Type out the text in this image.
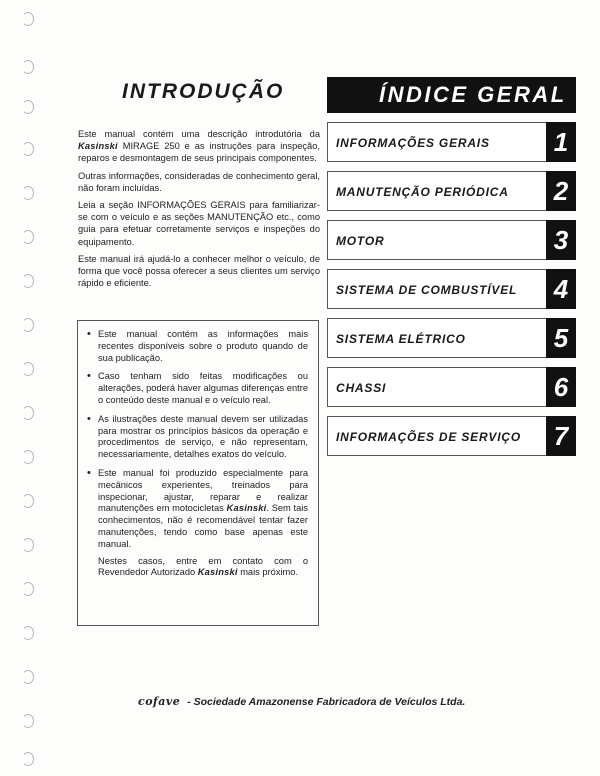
INTRODUÇÃO

Este manual contém uma descrição introdutória da Kasinski MIRAGE 250 e as instruções para inspeção, reparos e desmontagem de seus principais componentes.

Outras informações, consideradas de conhecimento geral, não foram incluídas.

Leia a seção INFORMAÇÕES GERAIS para familiarizar-se com o veículo e as seções MANUTENÇÃO etc., como guia para efetuar corretamente serviços e inspeções do equipamento.

Este manual irá ajudá-lo a conhecer melhor o veículo, de forma que você possa oferecer a seus clientes um serviço rápido e eficiente.

• Este manual contém as informações mais recentes disponíveis sobre o produto quando de sua publicação.
• Caso tenham sido feitas modificações ou alterações, poderá haver algumas diferenças entre o conteúdo deste manual e o veículo real.
• As ilustrações deste manual devem ser utilizadas para mostrar os princípios básicos da operação e procedimentos de serviço, e não representam, necessariamente, detalhes exatos do veículo.
• Este manual foi produzido especialmente para mecânicos experientes, treinados para inspecionar, ajustar, reparar e realizar manutenções em motocicletas Kasinski. Sem tais conhecimentos, não é recomendável tentar fazer manutenções, tendo como base apenas este manual.
Nestes casos, entre em contato com o Revendedor Autorizado Kasinski mais próximo.
ÍNDICE GERAL
INFORMAÇÕES GERAIS 1
MANUTENÇÃO PERIÓDICA 2
MOTOR	3
SISTEMA DE COMBUSTÍVEL 4
SISTEMA ELÉTRICO	5
CHASSI	6
INFORMAÇÕES DE SERVIÇO 7
cofave - Sociedade Amazonense Fabricadora de Veículos Ltda.
